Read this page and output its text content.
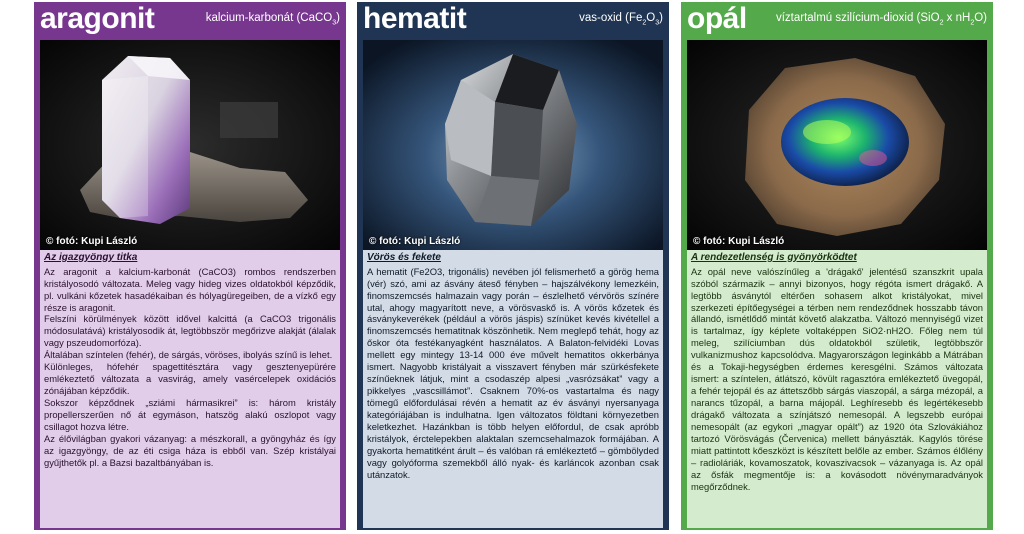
aragonit	kalcium-karbonát (CaCO$_3$)
© fotó: Kupi László
Az igazgyöngy titka

Az aragonit a kalcium-karbonát (CaCO3) rombos rendszerben kristályosodó változata. Meleg vagy hideg vizes oldatokból képződik, pl. vulkáni kőzetek hasadékaiban és hólyagüregeiben, de a vízkő egy része is aragonit.

Felszíni körülmények között idővel kalcittá (a CaCO3 trigonális módosulatává) kristályosodik át, legtöbbször megőrizve alakját (álalak vagy pszeudomorfóza).

Általában színtelen (fehér), de sárgás, vöröses, ibolyás színű is lehet.

Különleges, hófehér spagettitésztára vagy gesztenyepürére emlékeztető változata a vasvirág, amely vasércelepek oxidációs zónájában képződik.

Sokszor képződnek „sziámi hármasikrei” is: három kristály propellerszerűen nő át egymáson, hatszög alakú oszlopot vagy csillagot hozva létre.

Az élővilágban gyakori vázanyag: a mészkorall, a gyöngyház és így az igazgyöngy, de az éti csiga háza is ebből van. Szép kristályai gyűjthetők pl. a Bazsi bazaltbányában is.

hematit	vas-oxid $(Fe_2O_3)$
© fotó: Kupi László
Vörös és fekete

A hematit (Fe2O3, trigonális) nevében jól felismerhető a görög hema (vér) szó, ami az ásvány áteső fényben – hajszálvékony lemezkéin, finomszemcsés halmazain vagy porán – észlelhető vérvörös színére utal, ahogy magyarított neve, a vörösvaskő is. A vörös kőzetek és ásványkeverékek (például a vörös jáspis) színüket kevés kivétellel a finomszemcsés hematitnak köszönhetik. Nem meglepő tehát, hogy az őskor óta festékanyagként használatos. A Balaton-felvidéki Lovas mellett egy mintegy 13-14 000 éve művelt hematitos okkerbánya ismert. Nagyobb kristályait a visszavert fényben már szürkésfekete színűeknek látjuk, mint a csodaszép alpesi „vasrózsákat” vagy a pikkelyes „vascsillámot”. Csaknem 70%-os vastartalma és nagy tömegű előfordulásai révén a hematit az év ásványi nyersanyaga kategóriájában is indulhatna. Igen változatos földtani környezetben keletkezhet. Hazánkban is több helyen előfordul, de csak apróbb kristályok, érctelepekben alaktalan szemcsehalmazok formájában. A gyakorta hematitként árult – és valóban rá emlékeztető – gömbölyded vagy golyóforma szemekből álló nyak- és karláncok azonban csak utánzatok.

opál	víztartalmú szilícium-dioxid (SiO$_2$ x $nH_2O$)
© fotó: Kupi László
A rendezetlenség is gyönyörködtet

Az opál neve valószínűleg a 'drágakő' jelentésű szanszkrit upala szóból származik – annyi bizonyos, hogy régóta ismert drágakő. A legtöbb ásványtól eltérően sohasem alkot kristályokat, mivel szerkezeti építőegységei a térben nem rendeződnek hosszabb távon állandó, ismétlődő mintát követő alakzatba. Változó mennyiségű vizet is tartalmaz, így képlete voltaképpen SiO2·nH2O. Főleg nem túl meleg, szilíciumban dús oldatokból születik, legtöbbször vulkanizmushoz kapcsolódva. Magyarországon leginkább a Mátrában és a Tokaji-hegységben érdemes keresgélni. Számos változata ismert: a színtelen, átlátszó, kövült ragasztóra emlékeztető üvegopál, a fehér tejopál és az áttetszőbb sárgás viaszopál, a sárga mézopál, a narancs tűzopál, a barna májopál. Leghíresebb és legértékesebb drágakő változata a színjátszó nemesopál. A legszebb európai nemesopált (az egykori „magyar opált”) az 1920 óta Szlovákiához tartozó Vörösvágás (Červenica) mellett bányászták. Kagylós törése miatt pattintott kőeszközt is készített belőle az ember. Számos élőlény – radioláriák, kovamoszatok, kovaszivacsok – vázanyaga is. Az opál az ősfák megmentője is: a kovásodott növénymaradványok megőrződnek.
